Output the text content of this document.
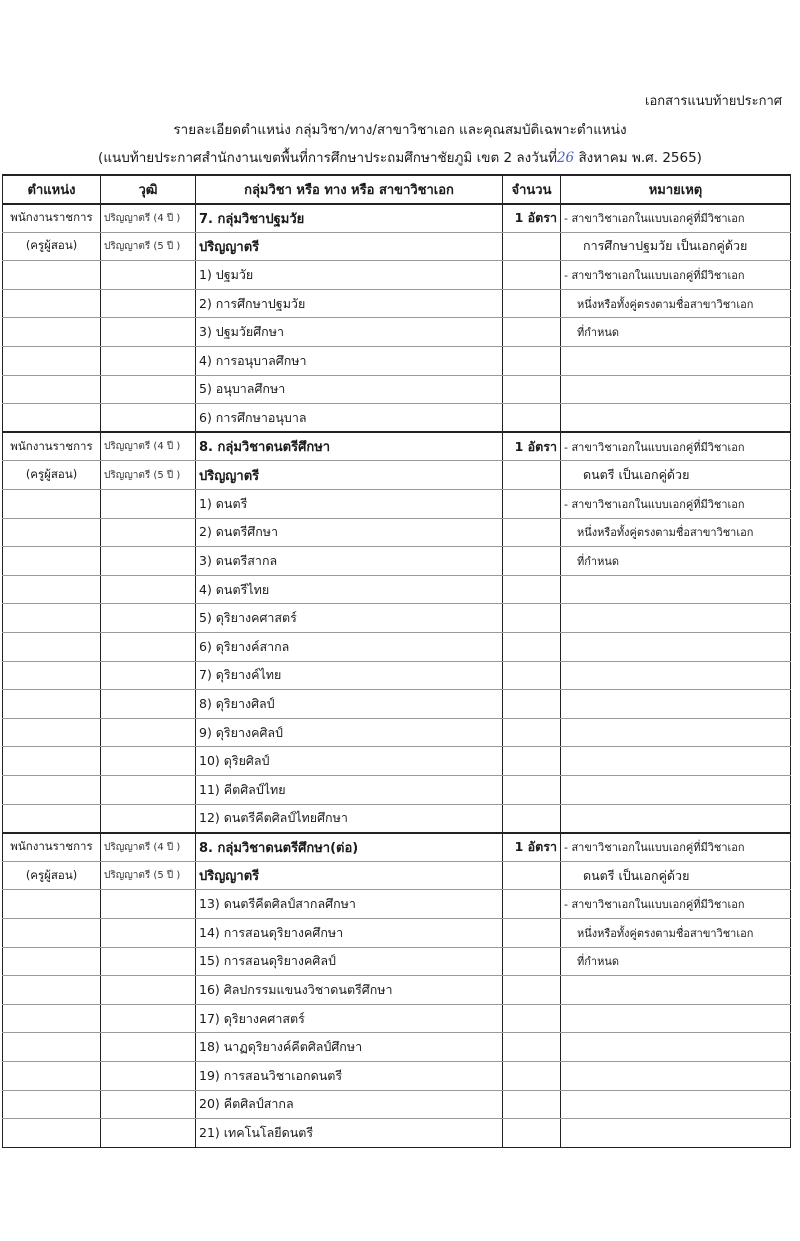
เอกสารแนบท้ายประกาศ
รายละเอียดตำแหน่ง กลุ่มวิชา/ทาง/สาขาวิชาเอก และคุณสมบัติเฉพาะตำแหน่ง
(แนบท้ายประกาศสำนักงานเขตพื้นที่การศึกษาประถมศึกษาชัยภูมิ เขต 2 ลงวันที่26 สิงหาคม พ.ศ. 2565)
ตำแหน่ง	วุฒิ	กลุ่มวิชา หรือ ทาง หรือ สาขาวิชาเอก	จำนวน	หมายเหตุ
พนักงานราชการ	ปริญญาตรี (4 ปี )	7. กลุ่มวิชาปฐมวัย	1 อัตรา	- สาขาวิชาเอกในแบบเอกคู่ที่มีวิชาเอก
(ครูผู้สอน)	ปริญญาตรี (5 ปี )	ปริญญาตรี		การศึกษาปฐมวัย เป็นเอกคู่ด้วย
		1) ปฐมวัย		- สาขาวิชาเอกในแบบเอกคู่ที่มีวิชาเอก
		2) การศึกษาปฐมวัย		หนึ่งหรือทั้งคู่ตรงตามชื่อสาขาวิชาเอก
		3) ปฐมวัยศึกษา		ที่กำหนด
		4) การอนุบาลศึกษา		
		5) อนุบาลศึกษา		
		6) การศึกษาอนุบาล		
พนักงานราชการ	ปริญญาตรี (4 ปี )	8. กลุ่มวิชาดนตรีศึกษา	1 อัตรา	- สาขาวิชาเอกในแบบเอกคู่ที่มีวิชาเอก
(ครูผู้สอน)	ปริญญาตรี (5 ปี )	ปริญญาตรี		ดนตรี เป็นเอกคู่ด้วย
		1) ดนตรี		- สาขาวิชาเอกในแบบเอกคู่ที่มีวิชาเอก
		2) ดนตรีศึกษา		หนึ่งหรือทั้งคู่ตรงตามชื่อสาขาวิชาเอก
		3) ดนตรีสากล		ที่กำหนด
		4) ดนตรีไทย		
		5) ดุริยางคศาสตร์		
		6) ดุริยางค์สากล		
		7) ดุริยางค์ไทย		
		8) ดุริยางศิลป์		
		9) ดุริยางคศิลป์		
		10) ดุริยศิลป์		
		11) คีตศิลป์ไทย		
		12) ดนตรีคีตศิลป์ไทยศึกษา		
พนักงานราชการ	ปริญญาตรี (4 ปี )	8. กลุ่มวิชาดนตรีศึกษา(ต่อ)	1 อัตรา	- สาขาวิชาเอกในแบบเอกคู่ที่มีวิชาเอก
(ครูผู้สอน)	ปริญญาตรี (5 ปี )	ปริญญาตรี		ดนตรี เป็นเอกคู่ด้วย
		13) ดนตรีคีตศิลป์สากลศึกษา		- สาขาวิชาเอกในแบบเอกคู่ที่มีวิชาเอก
		14) การสอนดุริยางคศึกษา		หนึ่งหรือทั้งคู่ตรงตามชื่อสาขาวิชาเอก
		15) การสอนดุริยางคศิลป์		ที่กำหนด
		16) ศิลปกรรมแขนงวิชาดนตรีศึกษา		
		17) ดุริยางคศาสตร์		
		18) นาฏดุริยางค์คีตศิลป์ศึกษา		
		19) การสอนวิชาเอกดนตรี		
		20) คีตศิลป์สากล		
		21) เทคโนโลยีดนตรี		
